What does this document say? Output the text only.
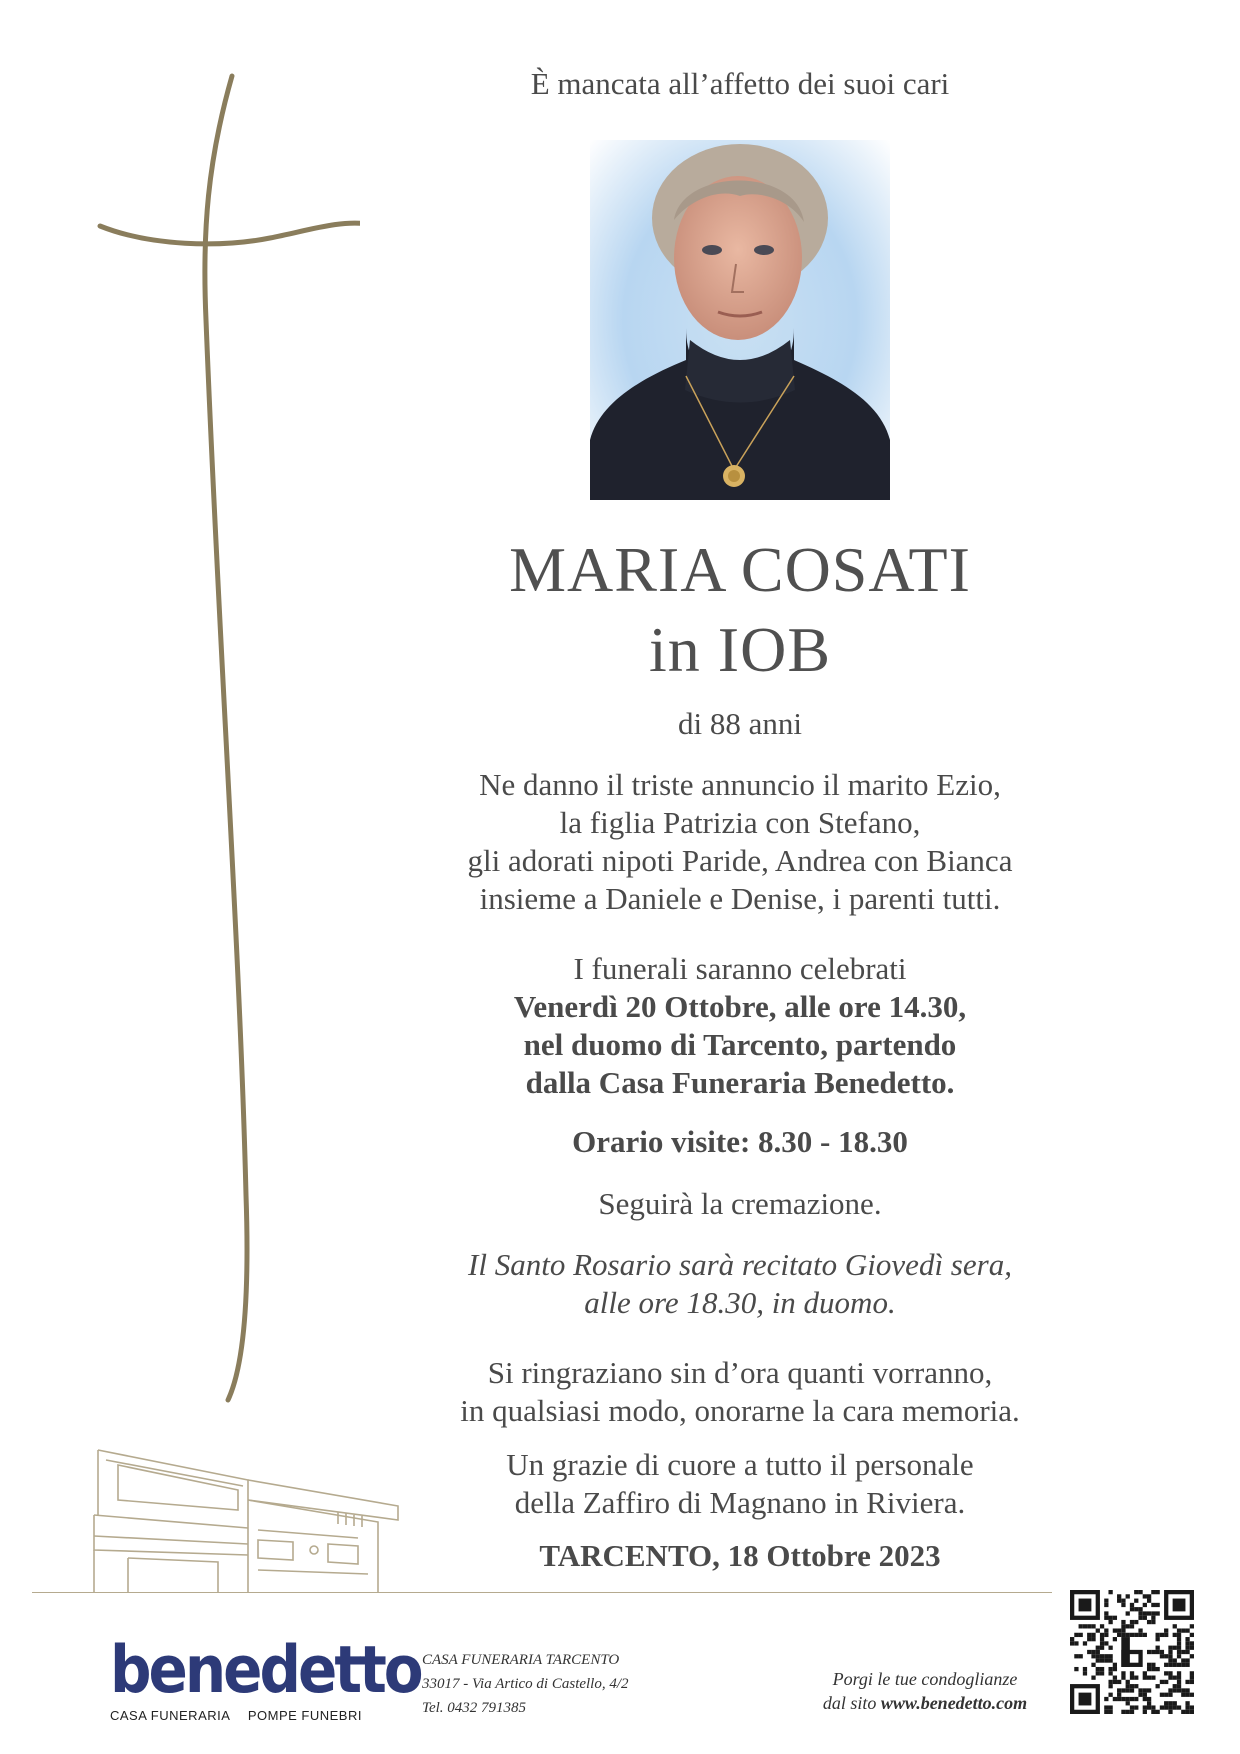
È mancata all’affetto dei suoi cari
MARIA COSATI
in IOB
di 88 anni
Ne danno il triste annuncio il marito Ezio,
la figlia Patrizia con Stefano,
gli adorati nipoti Paride, Andrea con Bianca
insieme a Daniele e Denise, i parenti tutti.
I funerali saranno celebrati
Venerdì 20 Ottobre, alle ore 14.30,
nel duomo di Tarcento, partendo
dalla Casa Funeraria Benedetto.
Orario visite: 8.30 - 18.30
Seguirà la cremazione.
Il Santo Rosario sarà recitato Giovedì sera,
alle ore 18.30, in duomo.
Si ringraziano sin d’ora quanti vorranno,
in qualsiasi modo, onorarne la cara memoria.
Un grazie di cuore a tutto il personale
della Zaffiro di Magnano in Riviera.
TARCENTO, 18 Ottobre 2023
benedetto
CASA FUNERARIA POMPE FUNEBRI
CASA FUNERARIA TARCENTO
33017 - Via Artico di Castello, 4/2
Tel. 0432 791385
Porgi le tue condoglianze
dal sito www.benedetto.com
